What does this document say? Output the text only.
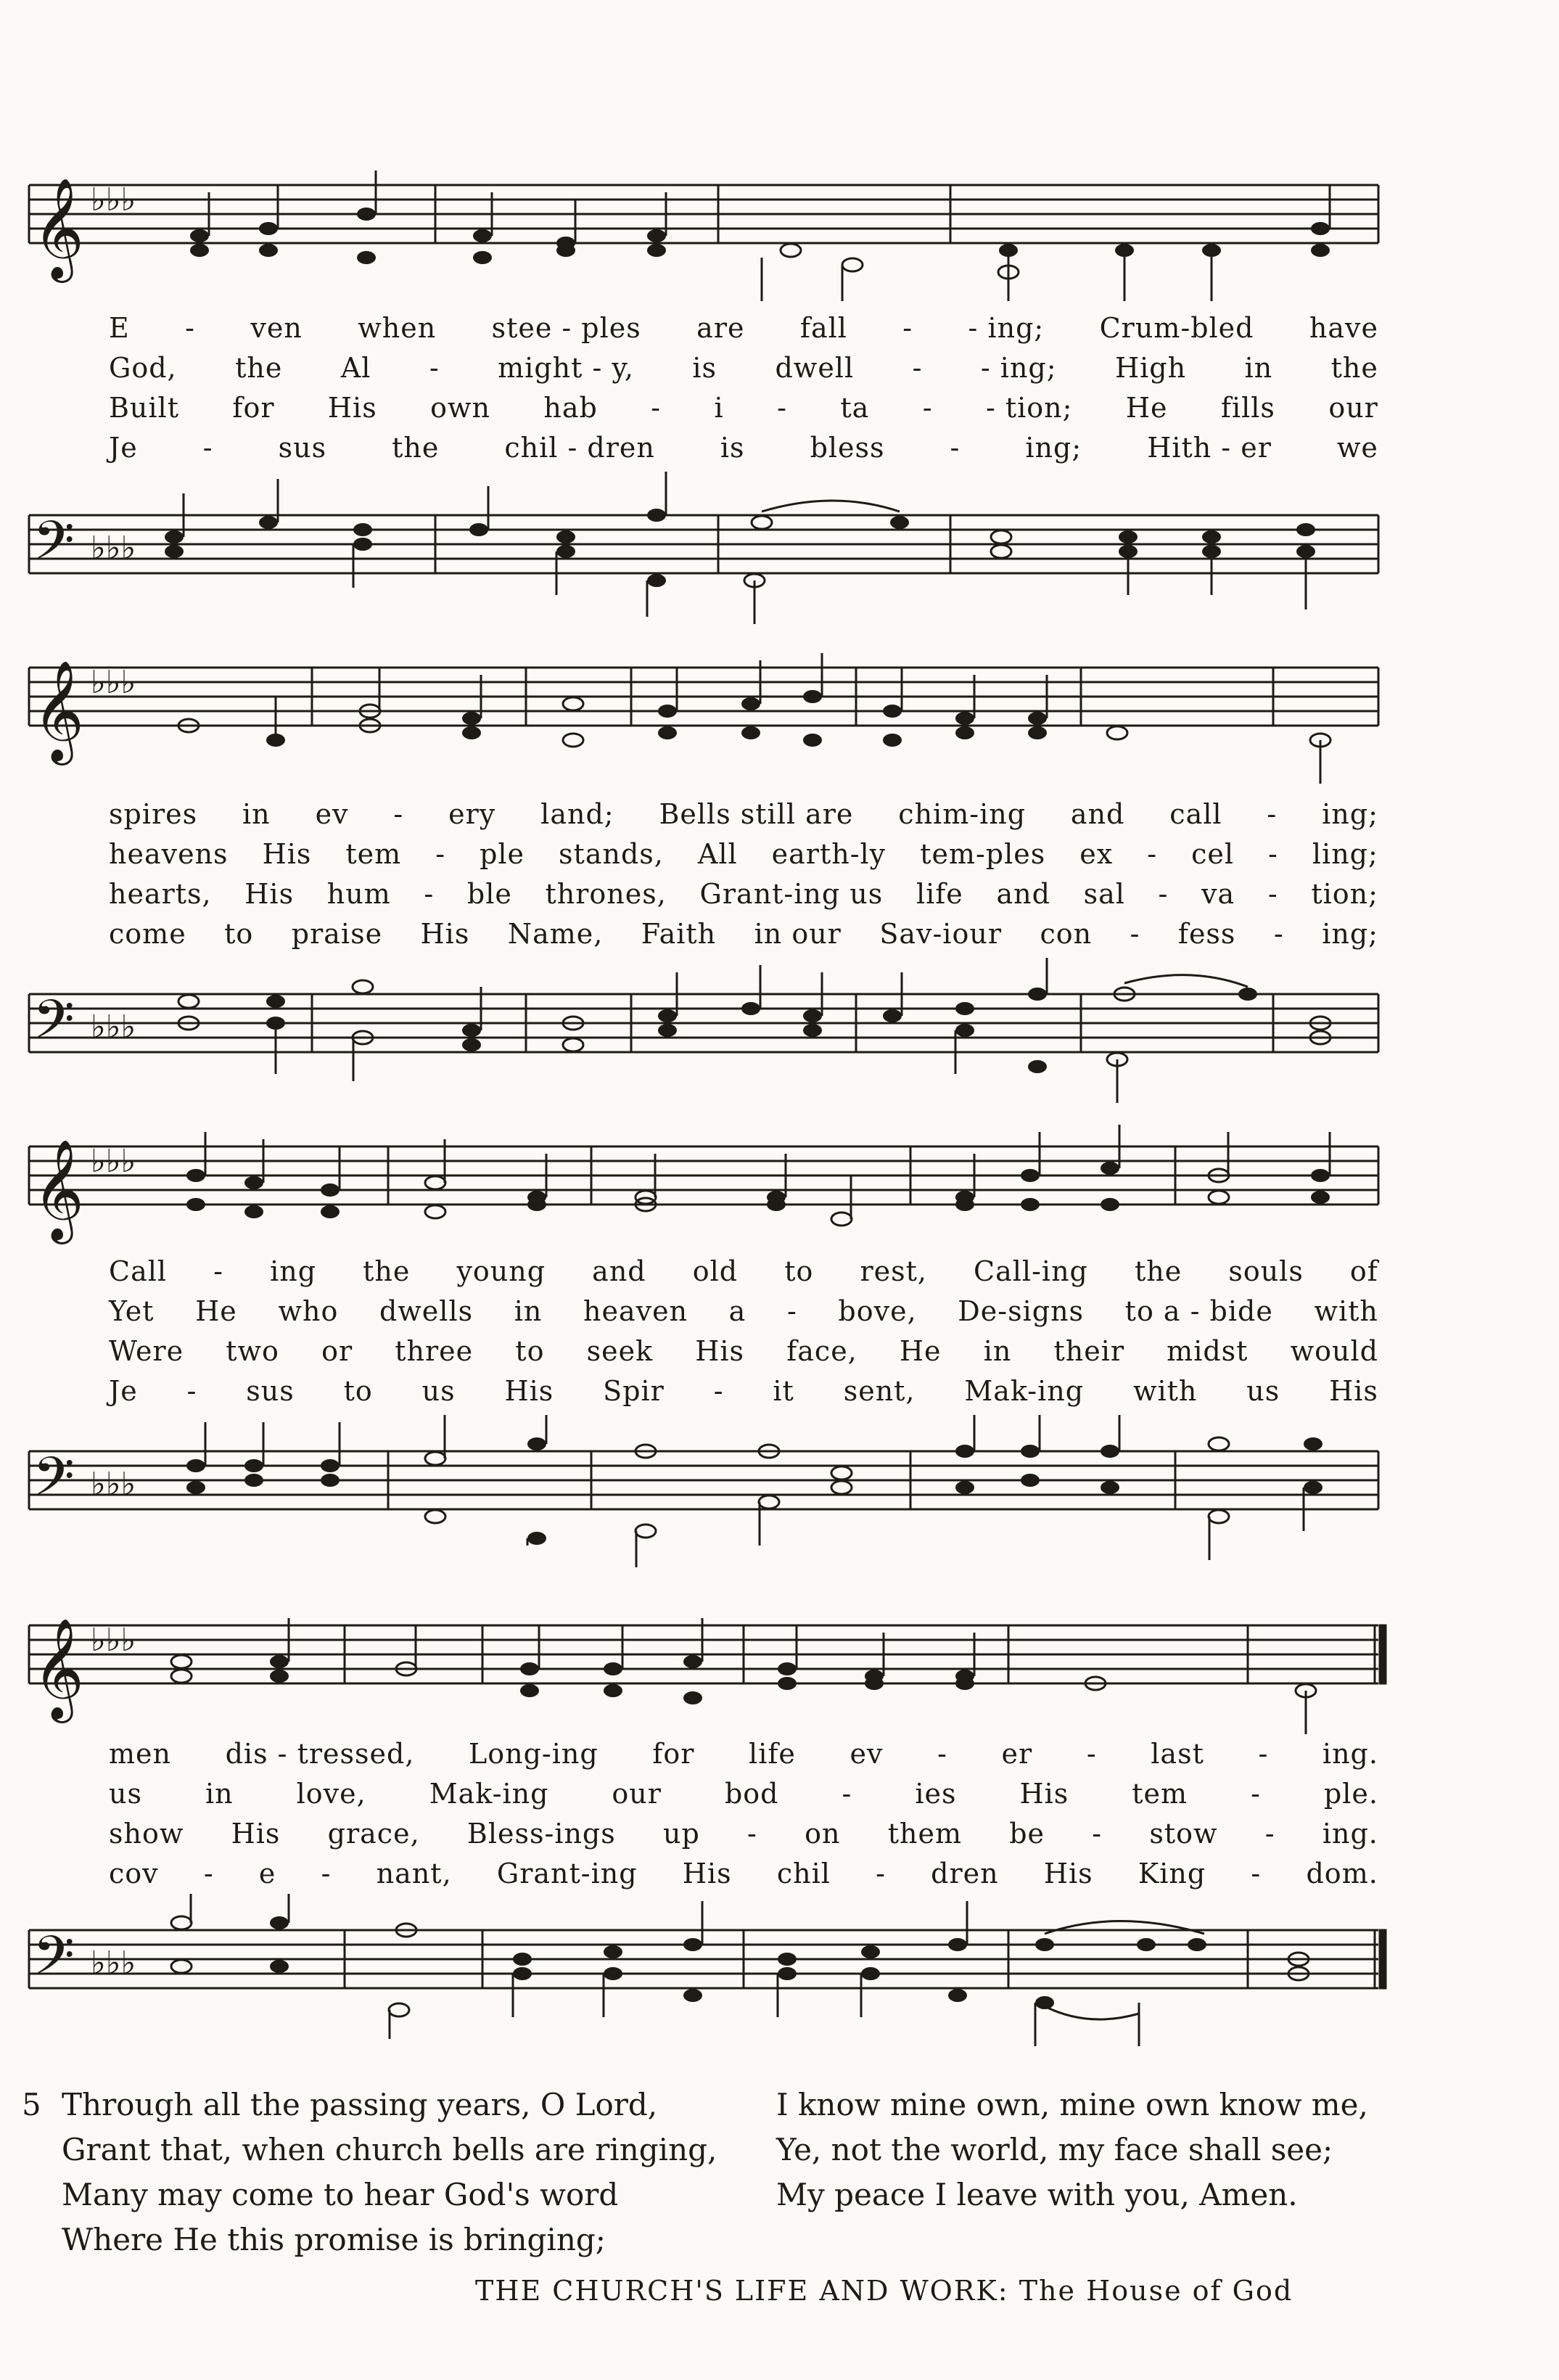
𝄞 ♭♭♭
E - ven when stee - ples are fall - - ing; Crum-bled have
God, the Al - might - y, is dwell - - ing; High in the
Built for His own hab - i - ta - - tion; He fills our
Je - sus the chil - dren is bless - ing; Hith - er we
𝄢 ♭♭♭
𝄞 ♭♭♭
spires in ev - ery land; Bells still are chim-ing and call - ing;
heavens His tem - ple stands, All earth-ly tem-ples ex - cel - ling;
hearts, His hum - ble thrones, Grant-ing us life and sal - va - tion;
come to praise His Name, Faith in our Sav-iour con - fess - ing;
𝄢 ♭♭♭
𝄞 ♭♭♭
Call - ing the young and old to rest, Call-ing the souls of
Yet He who dwells in heaven a - bove, De-signs to a - bide with
Were two or three to seek His face, He in their midst would
Je - sus to us His Spir - it sent, Mak-ing with us His
𝄢 ♭♭♭
𝄞 ♭♭♭
men dis - tressed, Long-ing for life ev - er - last - ing.
us in love, Mak-ing our bod - ies His tem - ple.
show His grace, Bless-ings up - on them be - stow - ing.
cov - e - nant, Grant-ing His chil - dren His King - dom.
𝄢 ♭♭♭
5 Through all the passing years, O Lord,
Grant that, when church bells are ringing,
Many may come to hear God's word
Where He this promise is bringing;
I know mine own, mine own know me,
Ye, not the world, my face shall see;
My peace I leave with you, Amen.
THE CHURCH'S LIFE AND WORK: The House of God
